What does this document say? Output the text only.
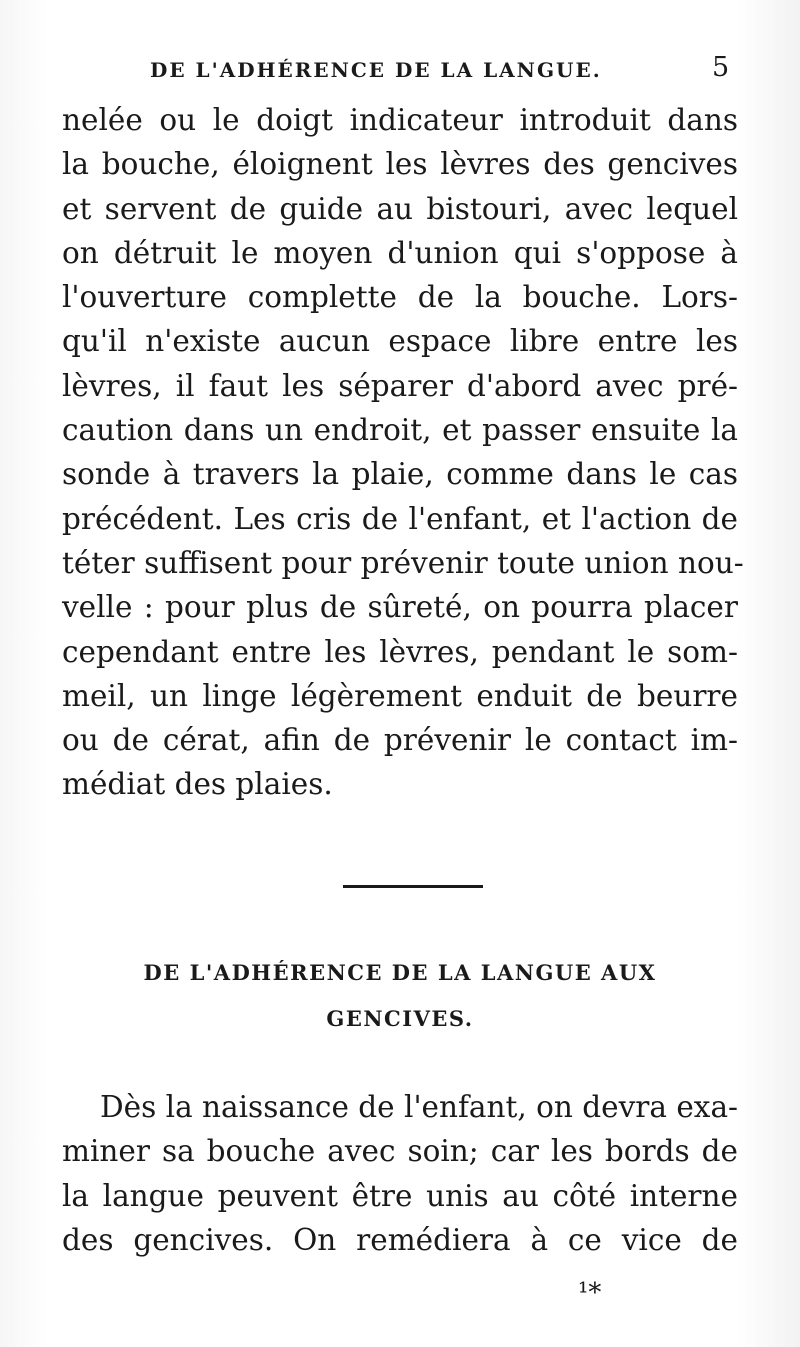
DE L'ADHÉRENCE DE LA LANGUE.	5
nelée ou le doigt indicateur introduit dans
la bouche, éloignent les lèvres des gencives
et servent de guide au bistouri, avec lequel
on détruit le moyen d'union qui s'oppose à
l'ouverture complette de la bouche. Lors-
qu'il n'existe aucun espace libre entre les
lèvres, il faut les séparer d'abord avec pré-
caution dans un endroit, et passer ensuite la
sonde à travers la plaie, comme dans le cas
précédent. Les cris de l'enfant, et l'action de
téter suffisent pour prévenir toute union nou-
velle : pour plus de sûreté, on pourra placer
cependant entre les lèvres, pendant le som-
meil, un linge légèrement enduit de beurre
ou de cérat, afin de prévenir le contact im-
médiat des plaies.
DE L'ADHÉRENCE DE LA LANGUE AUX
GENCIVES.
Dès la naissance de l'enfant, on devra exa-
miner sa bouche avec soin; car les bords de
la langue peuvent être unis au côté interne
des gencives. On remédiera à ce vice de
¹*
